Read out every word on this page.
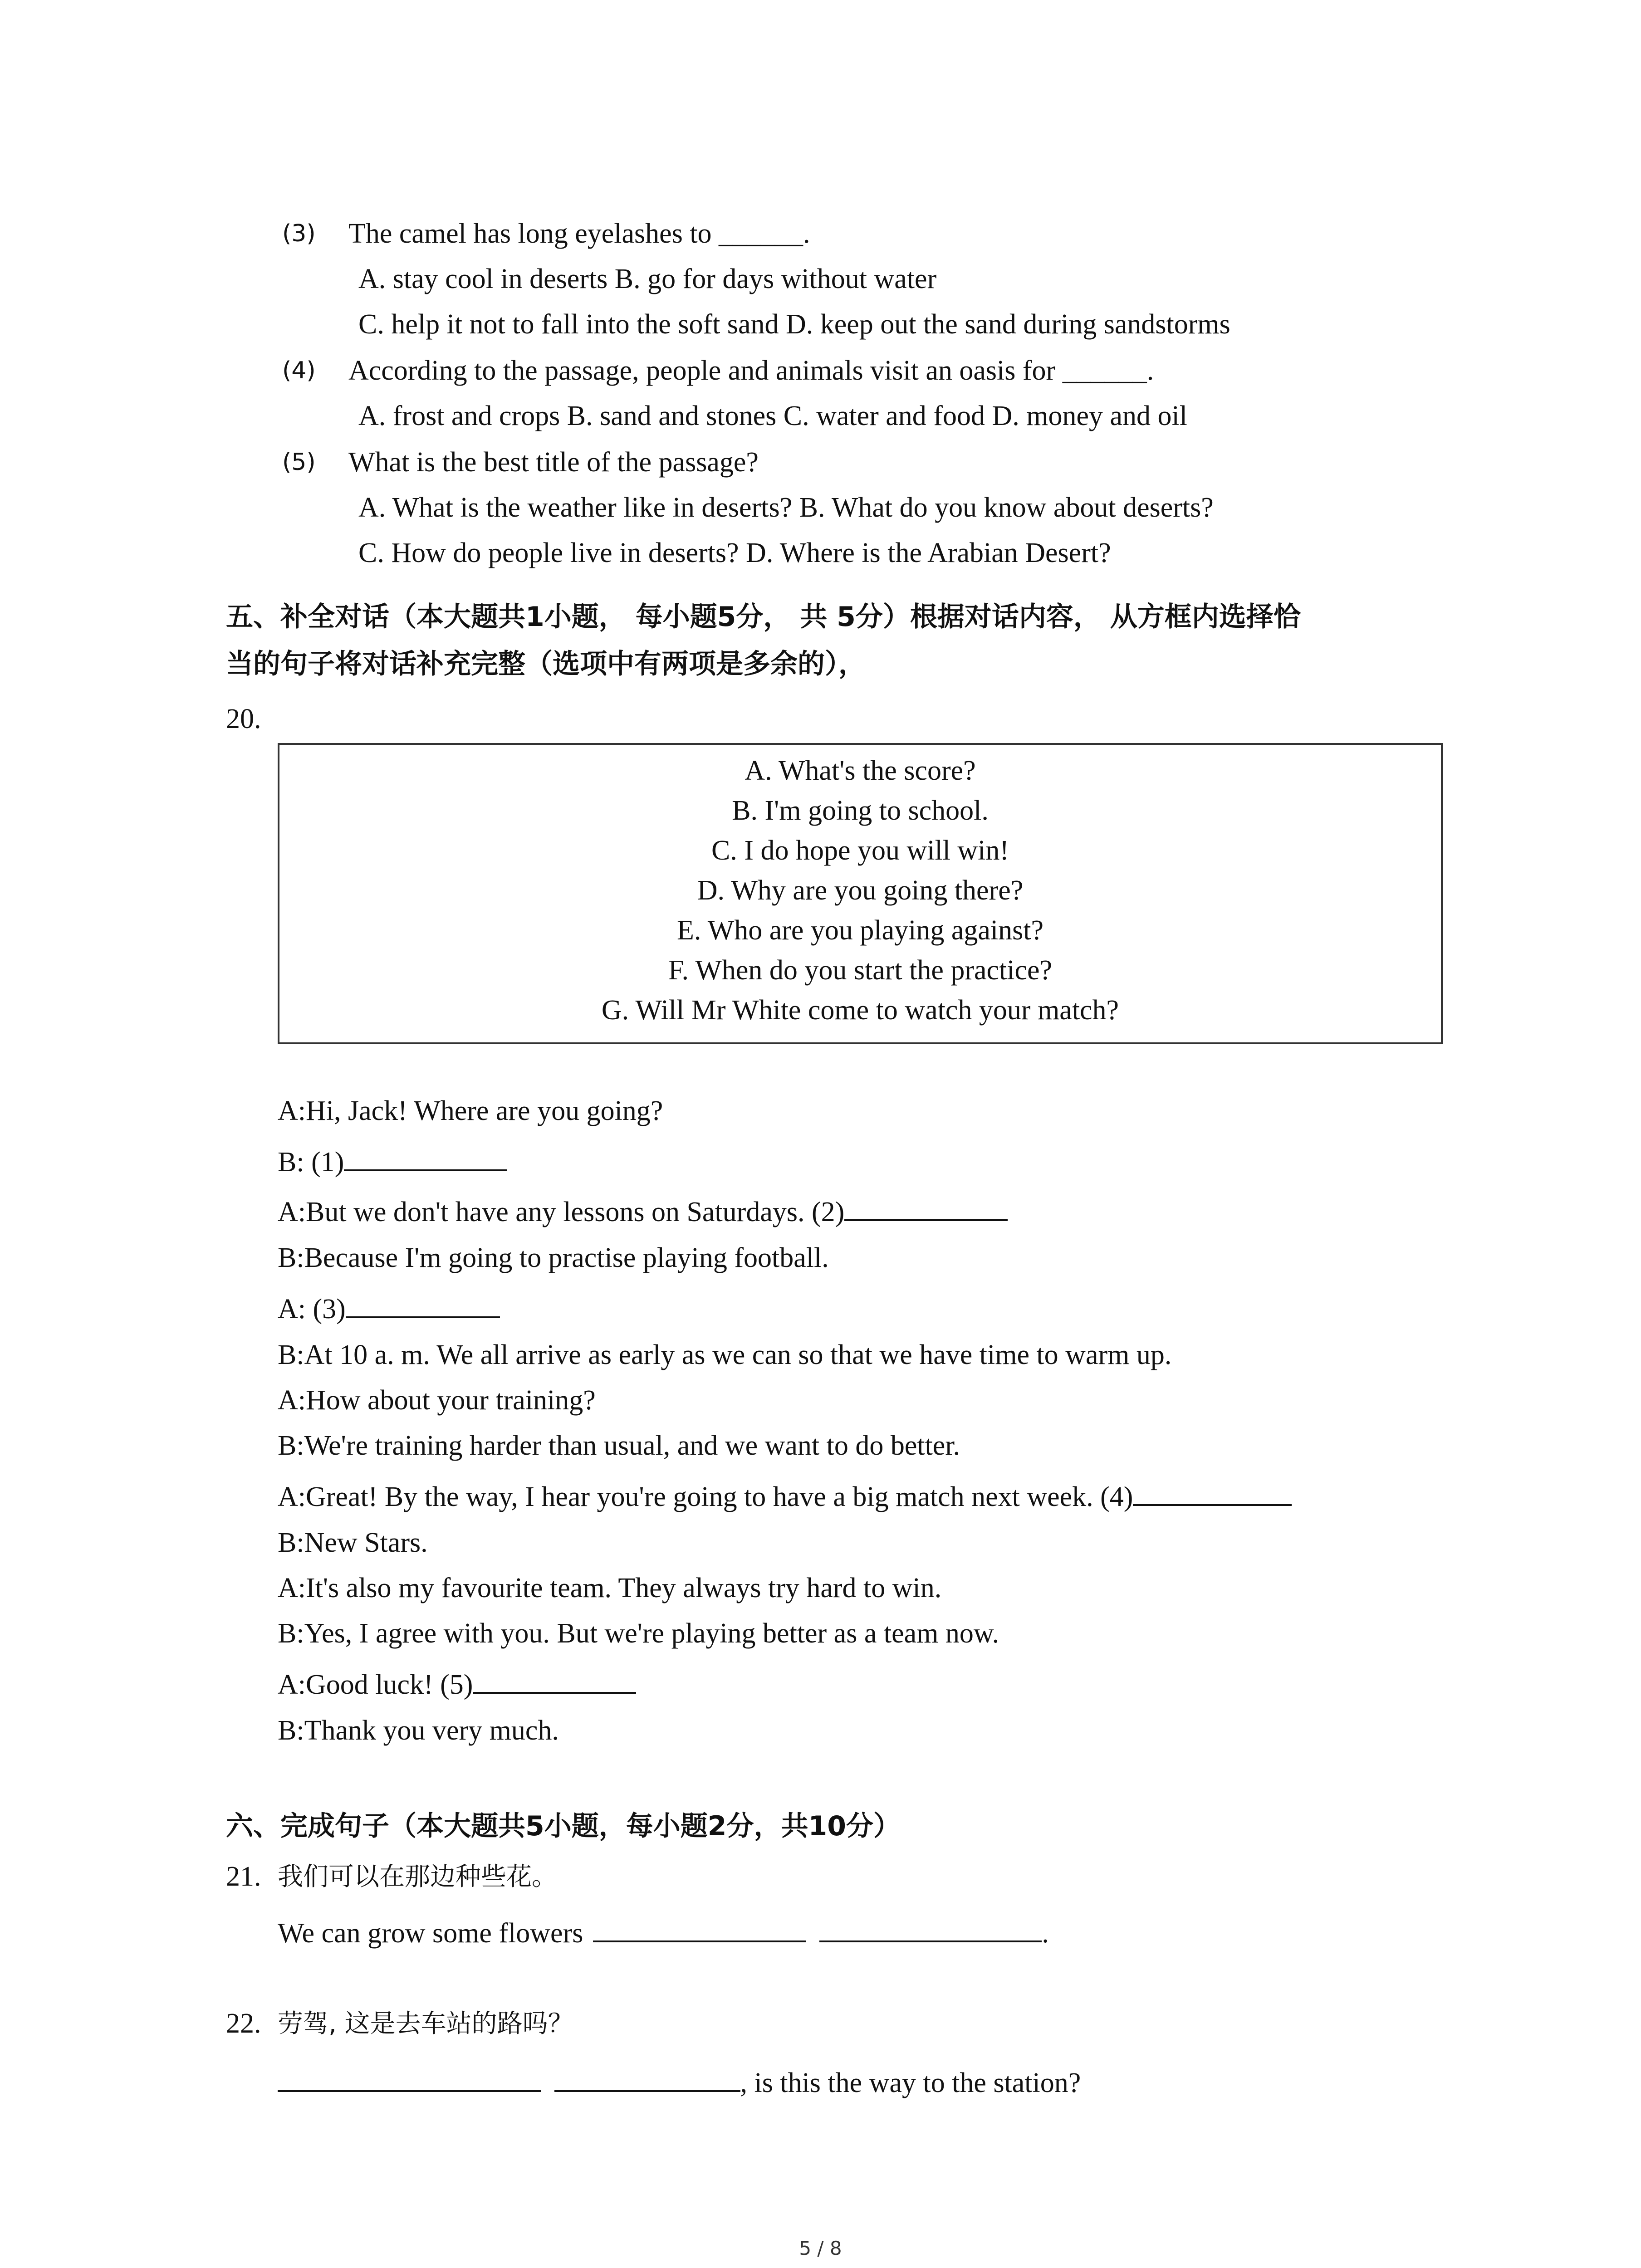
(3) The camel has long eyelashes to ______.
A. stay cool in deserts B. go for days without water
C. help it not to fall into the soft sand D. keep out the sand during sandstorms
(4) According to the passage, people and animals visit an oasis for ______.
A. frost and crops B. sand and stones C. water and food D. money and oil
(5) What is the best title of the passage?
A. What is the weather like in deserts? B. What do you know about deserts?
C. How do people live in deserts? D. Where is the Arabian Desert?
五、补全对话（本大题共1小题， 每小题5分， 共 5分）根据对话内容， 从方框内选择恰
当的句子将对话补充完整（选项中有两项是多余的），
20.
A. What's the score?
B. I'm going to school.
C. I do hope you will win!
D. Why are you going there?
E. Who are you playing against?
F. When do you start the practice?
G. Will Mr White come to watch your match?
A:Hi, Jack! Where are you going?
B: (1)
A:But we don't have any lessons on Saturdays. (2)
B:Because I'm going to practise playing football.
A: (3)
B:At 10 a. m. We all arrive as early as we can so that we have time to warm up.
A:How about your training?
B:We're training harder than usual, and we want to do better.
A:Great! By the way, I hear you're going to have a big match next week. (4)
B:New Stars.
A:It's also my favourite team. They always try hard to win.
B:Yes, I agree with you. But we're playing better as a team now.
A:Good luck! (5)
B:Thank you very much.
六、完成句子（本大题共5小题，每小题2分，共10分）
21. 我们可以在那边种些花。
We can grow some flowers	.
22. 劳驾, 这是去车站的路吗？
, is this the way to the station?
5 / 8
